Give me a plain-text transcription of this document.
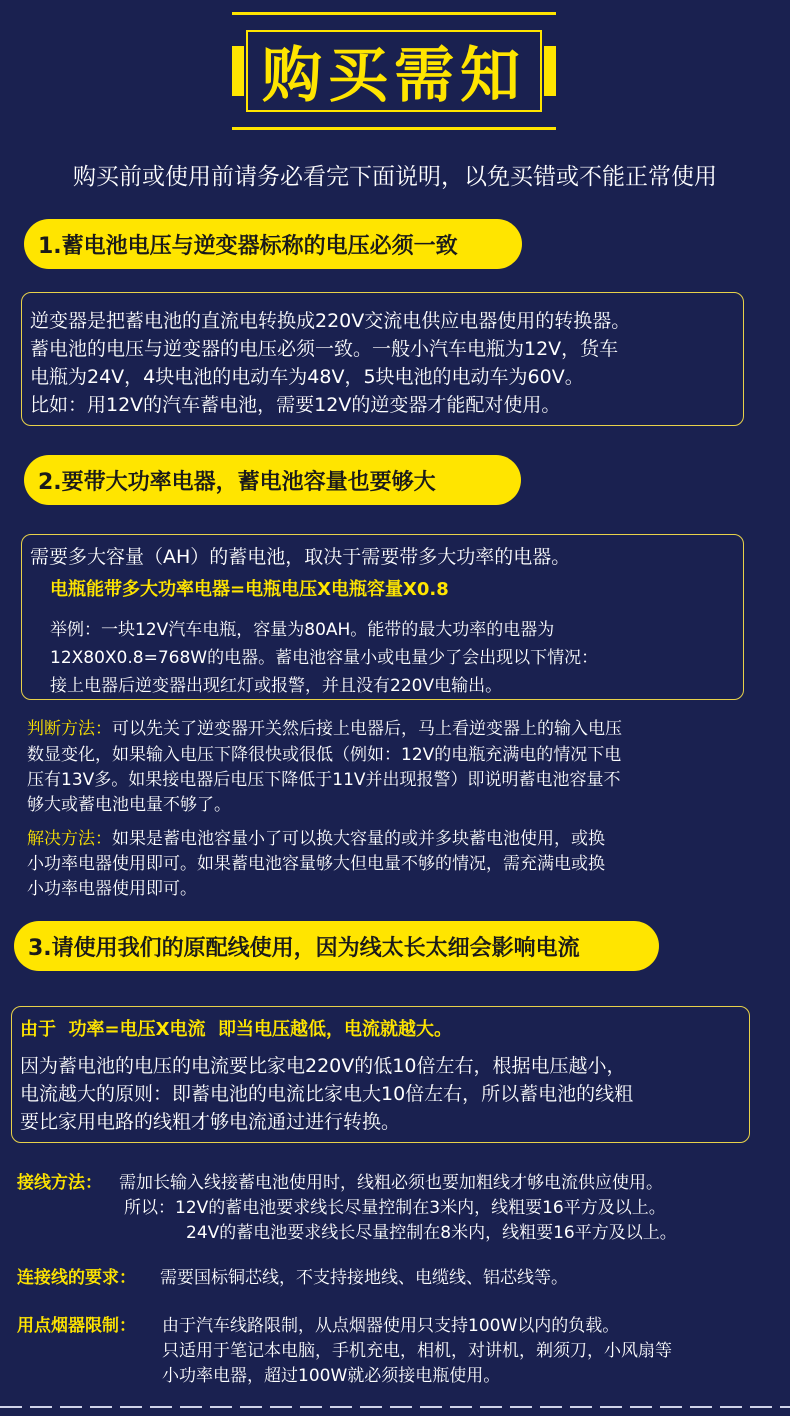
购买需知
购买前或使用前请务必看完下面说明，以免买错或不能正常使用
1.蓄电池电压与逆变器标称的电压必须一致
逆变器是把蓄电池的直流电转换成220V交流电供应电器使用的转换器。
蓄电池的电压与逆变器的电压必须一致。一般小汽车电瓶为12V，货车
电瓶为24V，4块电池的电动车为48V，5块电池的电动车为60V。
比如：用12V的汽车蓄电池，需要12V的逆变器才能配对使用。
2.要带大功率电器，蓄电池容量也要够大
需要多大容量（AH）的蓄电池，取决于需要带多大功率的电器。
电瓶能带多大功率电器=电瓶电压X电瓶容量X0.8
举例：一块12V汽车电瓶，容量为80AH。能带的最大功率的电器为
12X80X0.8=768W的电器。蓄电池容量小或电量少了会出现以下情况：
接上电器后逆变器出现红灯或报警，并且没有220V电输出。
判断方法：可以先关了逆变器开关然后接上电器后，马上看逆变器上的输入电压
数显变化，如果输入电压下降很快或很低（例如：12V的电瓶充满电的情况下电
压有13V多。如果接电器后电压下降低于11V并出现报警）即说明蓄电池容量不
够大或蓄电池电量不够了。
解决方法：如果是蓄电池容量小了可以换大容量的或并多块蓄电池使用，或换
小功率电器使用即可。如果蓄电池容量够大但电量不够的情况，需充满电或换
小功率电器使用即可。
3.请使用我们的原配线使用，因为线太长太细会影响电流
由于  功率=电压X电流  即当电压越低，电流就越大。
因为蓄电池的电压的电流要比家电220V的低10倍左右，根据电压越小，
电流越大的原则：即蓄电池的电流比家电大10倍左右，所以蓄电池的线粗
要比家用电路的线粗才够电流通过进行转换。
接线方法： 需加长输入线接蓄电池使用时，线粗必须也要加粗线才够电流供应使用。
所以：12V的蓄电池要求线长尽量控制在3米内，线粗要16平方及以上。
24V的蓄电池要求线长尽量控制在8米内，线粗要16平方及以上。
连接线的要求： 需要国标铜芯线，不支持接地线、电缆线、铝芯线等。
用点烟器限制： 由于汽车线路限制，从点烟器使用只支持100W以内的负载。
只适用于笔记本电脑，手机充电，相机，对讲机，剃须刀，小风扇等
小功率电器，超过100W就必须接电瓶使用。
